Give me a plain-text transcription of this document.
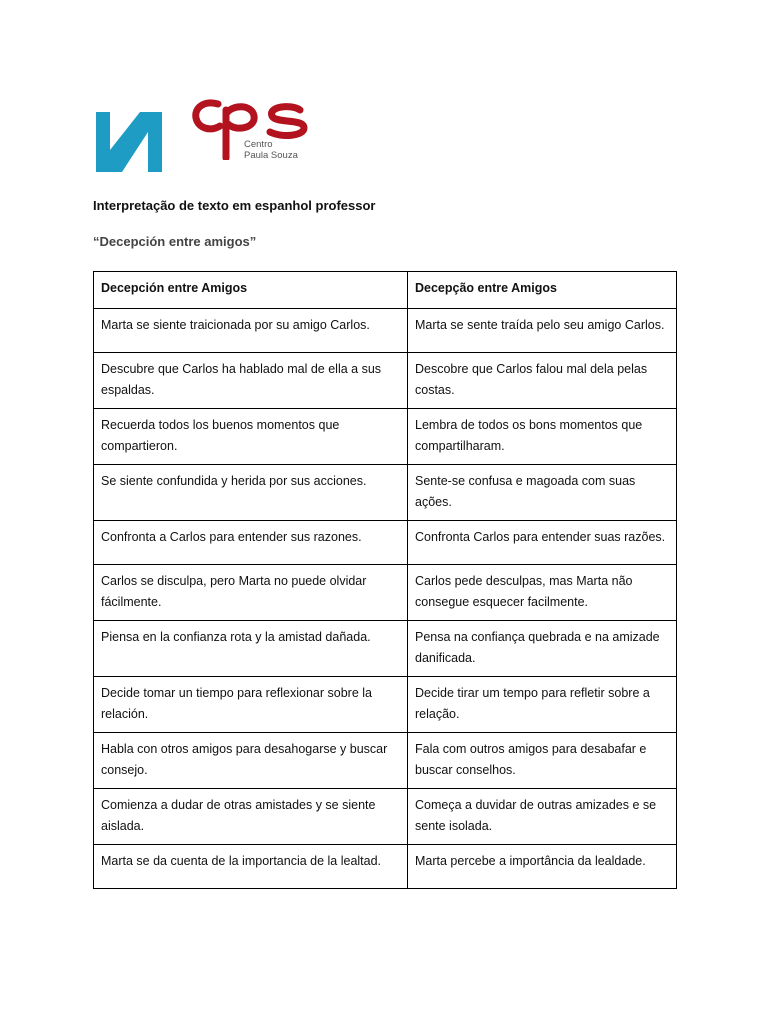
Centro
Paula Souza
Interpretação de texto em espanhol professor
“Decepción entre amigos”
Decepción entre Amigos	Decepção entre Amigos
Marta se siente traicionada por su amigo Carlos.	Marta se sente traída pelo seu amigo Carlos.
Descubre que Carlos ha hablado mal de ella a sus espaldas.	Descobre que Carlos falou mal dela pelas costas.
Recuerda todos los buenos momentos que compartieron.	Lembra de todos os bons momentos que compartilharam.
Se siente confundida y herida por sus acciones.	Sente-se confusa e magoada com suas ações.
Confronta a Carlos para entender sus razones.	Confronta Carlos para entender suas razões.
Carlos se disculpa, pero Marta no puede olvidar fácilmente.	Carlos pede desculpas, mas Marta não consegue esquecer facilmente.
Piensa en la confianza rota y la amistad dañada.	Pensa na confiança quebrada e na amizade danificada.
Decide tomar un tiempo para reflexionar sobre la relación.	Decide tirar um tempo para refletir sobre a relação.
Habla con otros amigos para desahogarse y buscar consejo.	Fala com outros amigos para desabafar e buscar conselhos.
Comienza a dudar de otras amistades y se siente aislada.	Começa a duvidar de outras amizades e se sente isolada.
Marta se da cuenta de la importancia de la lealtad.	Marta percebe a importância da lealdade.
